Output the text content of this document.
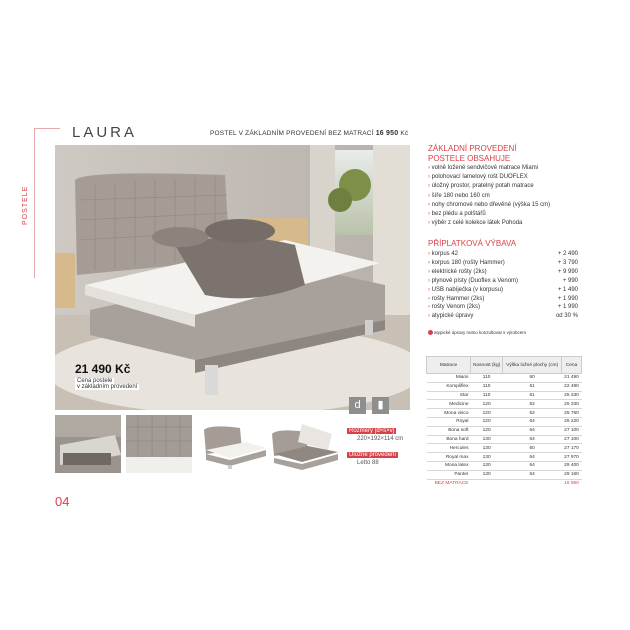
POSTELE
LAURA	POSTEL V ZÁKLADNÍM PROVEDENÍ BEZ MATRACÍ 16 950 Kč
21 490 Kč
Cena postele
v základním provedení
d	▮
Rozměry [d×š×v]
220×192×114 cm
Uložné provedení
Letto 88
ZÁKLADNÍ PROVEDENÍ
POSTELE OBSAHUJE
› volně ložené sendvičové matrace Miami
› polohovací lamelový rošt DUOFLEX
› úložný prostor, pratelný potah matrace
› šíře 180 nebo 160 cm
› nohy chromové nebo dřevěné (výška 15 cm)
› bez plédu a polštářů
› výběr z celé kolekce látek Pohoda
PŘÍPLATKOVÁ VÝBAVA
› korpus 42	+ 2 490
› korpus 180 (rošty Hammer)	+ 3 790
› elektrické rošty (2ks)	+ 9 990
› plynové písty (Duoflex a Venom)	+ 990
› USB nabíječka (v korpusu)	+ 1 490
› rošty Hammer (2ks)	+ 1 990
› rošty Venom (2ks)	+ 1 990
› atypické úpravy	od 30 %
atypické úpravy nutno konzultovat s výrobcem
Matrace	Nosnost (kg)	Výška ložné plochy (cm)	Cena
Miami	110	60	21 490
Kompliflex	110	61	22 490
Star	110	61	25 330
Medicine	120	62	25 330
Mona visco	120	62	25 760
Royal	120	64	26 220
Bona soft	120	64	27 100
Bona hard	130	64	27 100
Hercules	130	60	27 170
Royal max	130	64	27 970
Mona latex	130	64	29 400
Panter	130	64	29 160
BEZ MATRACE			16 950
04
